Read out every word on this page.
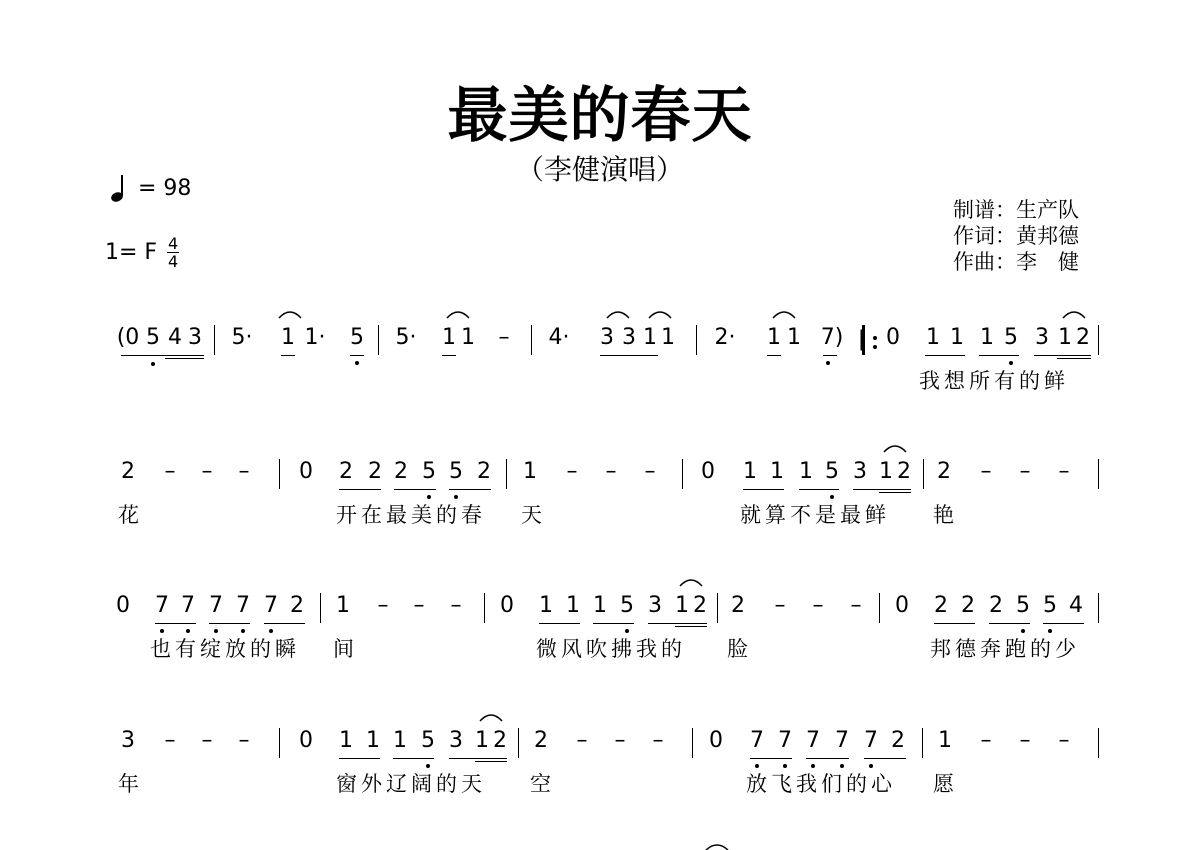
最美的春天
（李健演唱）
= 98
1= F 4
4
制谱：生产队
作词：黄邦德
作曲：李　健
(0 5 4 3 5· 1 1· 5 5· 1 1 – 4· 3 3 1 1 2· 1 1 7) 0 1 1 1 5 3 1 2
我想所有的鲜
2 – – – 0 2 2 2 5 5 2 1 – – – 0 1 1 1 5 3 1 2 2 – – –
花	开在最美的春 天	就算不是最鲜 艳
0 7 7 7 7 7 2 1 – – – 0 1 1 1 5 3 1 2 2 – – – 0 2 2 2 5 5 4
也有绽放的瞬 间	微风吹拂我的 脸	邦德奔跑的少
3 – – – 0 1 1 1 5 3 1 2 2 – – – 0 7 7 7 7 7 2 1 – – –
年	窗外辽阔的天 空	放飞我们的心 愿
